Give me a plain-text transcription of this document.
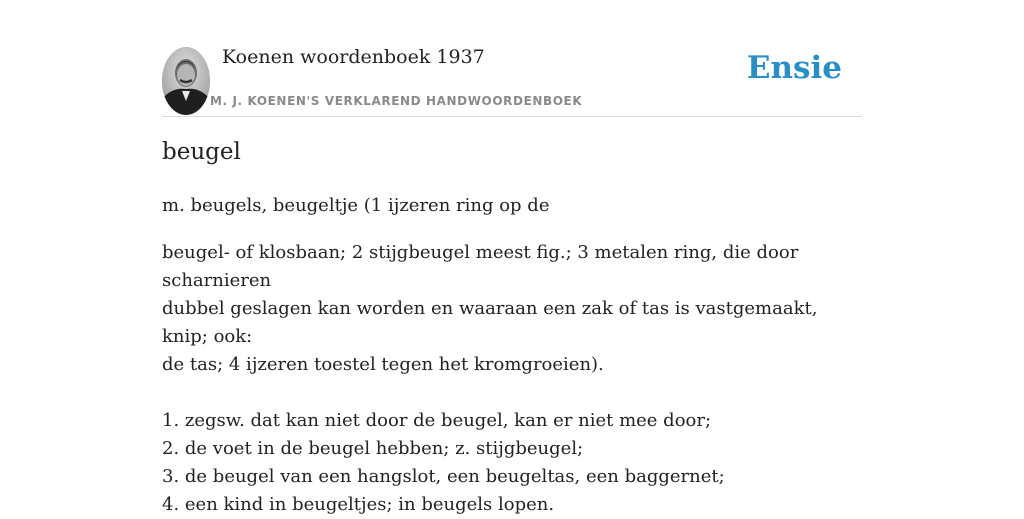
Koenen woordenboek 1937
M. J. KOENEN'S VERKLAREND HANDWOORDENBOEK
Ensie
beugel

m. beugels, beugeltje (1 ijzeren ring op de

beugel- of klosbaan; 2 stijgbeugel meest fig.; 3 metalen ring, die door scharnieren
dubbel geslagen kan worden en waaraan een zak of tas is vastgemaakt, knip; ook:
de tas; 4 ijzeren toestel tegen het kromgroeien).

1. zegsw. dat kan niet door de beugel, kan er niet mee door;
2. de voet in de beugel hebben; z. stijgbeugel;
3. de beugel van een hangslot, een beugeltas, een baggernet;
4. een kind in beugeltjes; in beugels lopen.
